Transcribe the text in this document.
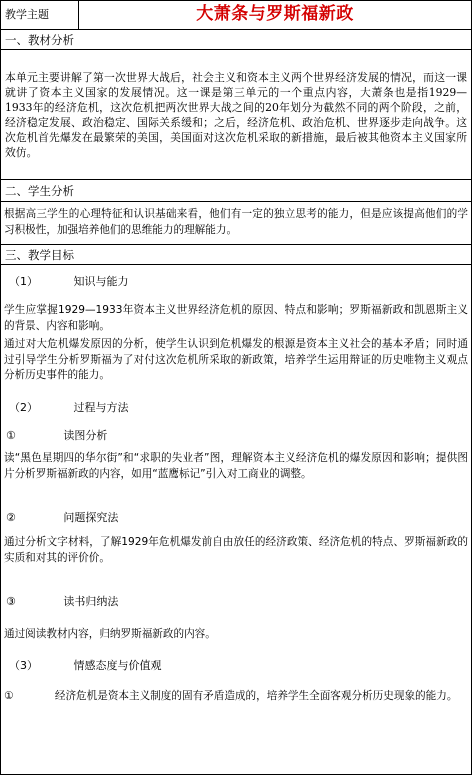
教学主题	大萧条与罗斯福新政
一、教材分析
本单元主要讲解了第一次世界大战后，社会主义和资本主义两个世界经济发展的情况，而这一课就讲了资本主义国家的发展情况。这一课是第三单元的一个重点内容，大萧条也是指1929—1933年的经济危机，这次危机把两次世界大战之间的20年划分为截然不同的两个阶段，之前，经济稳定发展、政治稳定、国际关系缓和；之后，经济危机、政治危机、世界逐步走向战争。这次危机首先爆发在最繁荣的美国，美国面对这次危机采取的新措施，最后被其他资本主义国家所效仿。
二、学生分析
根据高三学生的心理特征和认识基础来看，他们有一定的独立思考的能力，但是应该提高他们的学习积极性，加强培养他们的思维能力的理解能力。
三、教学目标
（1）	知识与能力
学生应掌握1929—1933年资本主义世界经济危机的原因、特点和影响；罗斯福新政和凯恩斯主义的背景、内容和影响。
通过对大危机爆发原因的分析，使学生认识到危机爆发的根源是资本主义社会的基本矛盾；同时通过引导学生分析罗斯福为了对付这次危机所采取的新政策，培养学生运用辩证的历史唯物主义观点分析历史事件的能力。
（2）	过程与方法
①	读图分析
读“黑色星期四的华尔街”和“求职的失业者”图，理解资本主义经济危机的爆发原因和影响；提供图片分析罗斯福新政的内容，如用“蓝鹰标记”引入对工商业的调整。
②	问题探究法
通过分析文字材料，了解1929年危机爆发前自由放任的经济政策、经济危机的特点、罗斯福新政的实质和对其的评价价。
③	读书归纳法
通过阅读教材内容，归纳罗斯福新政的内容。
（3）	情感态度与价值观
①	经济危机是资本主义制度的固有矛盾造成的，培养学生全面客观分析历史现象的能力。
